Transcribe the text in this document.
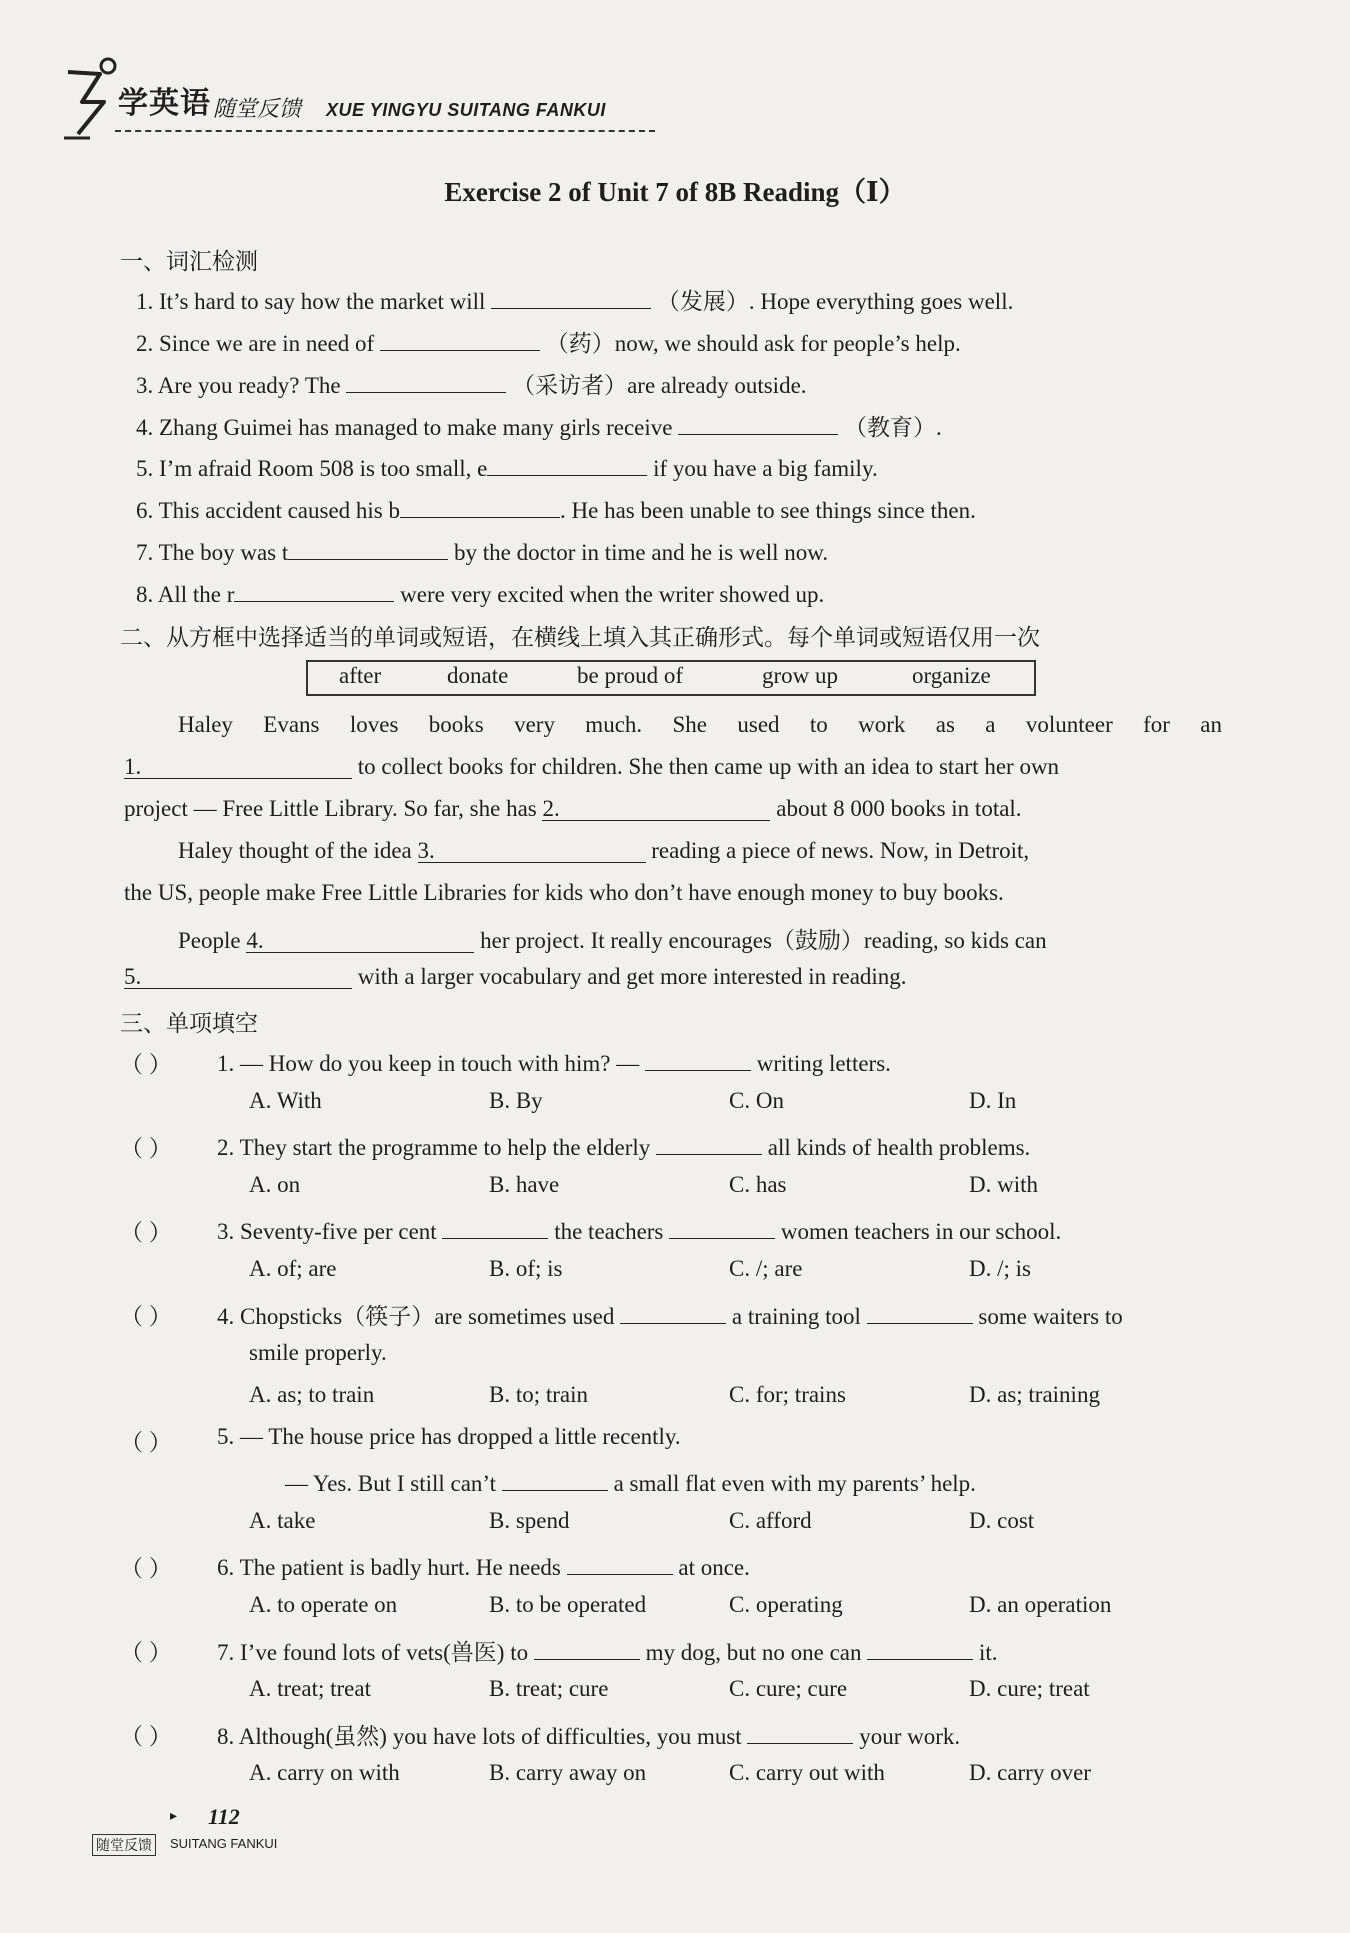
学英语 随堂反馈 XUE YINGYU SUITANG FANKUI
Exercise 2 of Unit 7 of 8B Reading（Ⅰ）
一、词汇检测
1. It’s hard to say how the market will	（发展）. Hope everything goes well.
2. Since we are in need of	（药）now, we should ask for people’s help.
3. Are you ready? The	（采访者）are already outside.
4. Zhang Guimei has managed to make many girls receive	（教育）.
5. I’m afraid Room 508 is too small, e	if you have a big family.
6. This accident caused his b	. He has been unable to see things since then.
7. The boy was t	by the doctor in time and he is well now.
8. All the r	were very excited when the writer showed up.
二、从方框中选择适当的单词或短语，在横线上填入其正确形式。每个单词或短语仅用一次
after	donate	be proud of	grow up	organize
Haley Evans loves books very much. She used to work as a volunteer for an
1.	to collect books for children. She then came up with an idea to start her own
project — Free Little Library. So far, she has 2.	about 8 000 books in total.
Haley thought of the idea 3.	reading a piece of news. Now, in Detroit,
the US, people make Free Little Libraries for kids who don’t have enough money to buy books.
People 4.	her project. It really encourages（鼓励）reading, so kids can
5.	with a larger vocabulary and get more interested in reading.
三、单项填空
（ ） 1. — How do you keep in touch with him? —	writing letters.
A. With	B. By	C. On	D. In
（ ） 2. They start the programme to help the elderly	all kinds of health problems.
A. on	B. have	C. has	D. with
（ ） 3. Seventy-five per cent	the teachers	women teachers in our school.
A. of; are	B. of; is	C. /; are	D. /; is
（ ） 4. Chopsticks（筷子）are sometimes used	a training tool	some waiters to
smile properly.
A. as; to train	B. to; train	C. for; trains	D. as; training
（ ） 5. — The house price has dropped a little recently.
— Yes. But I still can’t	a small flat even with my parents’ help.
A. take	B. spend	C. afford	D. cost
（ ） 6. The patient is badly hurt. He needs	at once.
A. to operate on	B. to be operated	C. operating	D. an operation
（ ） 7. I’ve found lots of vets(兽医) to	my dog, but no one can	it.
A. treat; treat	B. treat; cure	C. cure; cure	D. cure; treat
（ ） 8. Although(虽然) you have lots of difficulties, you must	your work.
A. carry on with	B. carry away on	C. carry out with	D. carry over
▸ 112
随堂反馈	SUITANG FANKUI
